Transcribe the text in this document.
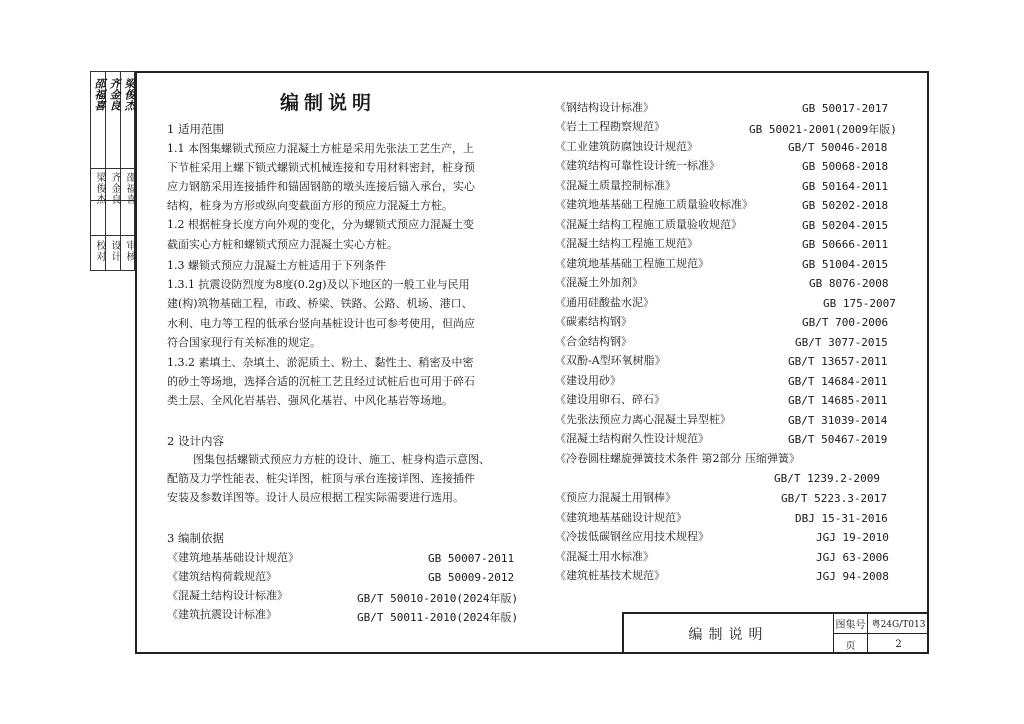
邵福喜 齐金良 梁俊杰
梁俊杰 齐金良 邵福喜
校对 设计 审核
编制说明
1 适用范围
1.1 本图集螺锁式预应力混凝土方桩是采用先张法工艺生产，上
下节桩采用上螺下锁式螺锁式机械连接和专用材料密封，桩身预
应力钢筋采用连接插件和锚固钢筋的墩头连接后锚入承台，实心
结构，桩身为方形或纵向变截面方形的预应力混凝土方桩。
1.2 根据桩身长度方向外观的变化，分为螺锁式预应力混凝土变
截面实心方桩和螺锁式预应力混凝土实心方桩。
1.3 螺锁式预应力混凝土方桩适用于下列条件
1.3.1 抗震设防烈度为8度(0.2g)及以下地区的一般工业与民用
建(构)筑物基础工程，市政、桥梁、铁路、公路、机场、港口、
水利、电力等工程的低承台竖向基桩设计也可参考使用，但尚应
符合国家现行有关标准的规定。
1.3.2 素填土、杂填土、淤泥质土、粉土、黏性土、稍密及中密
的砂土等场地，选择合适的沉桩工艺且经过试桩后也可用于碎石
类土层、全风化岩基岩、强风化基岩、中风化基岩等场地。
2 设计内容
图集包括螺锁式预应力方桩的设计、施工、桩身构造示意图、
配筋及力学性能表、桩尖详图，桩顶与承台连接详图、连接插件
安装及参数详图等。设计人员应根据工程实际需要进行选用。
3 编制依据
《建筑地基基础设计规范》	GB 50007-2011
《建筑结构荷载规范》	GB 50009-2012
《混凝土结构设计标准》	GB/T 50010-2010(2024年版)
《建筑抗震设计标准》	GB/T 50011-2010(2024年版)
《钢结构设计标准》	GB 50017-2017
《岩土工程勘察规范》	GB 50021-2001(2009年版)
《工业建筑防腐蚀设计规范》	GB/T 50046-2018
《建筑结构可靠性设计统一标准》	GB 50068-2018
《混凝土质量控制标准》	GB 50164-2011
《建筑地基基础工程施工质量验收标准》	GB 50202-2018
《混凝土结构工程施工质量验收规范》	GB 50204-2015
《混凝土结构工程施工规范》	GB 50666-2011
《建筑地基基础工程施工规范》	GB 51004-2015
《混凝土外加剂》	GB 8076-2008
《通用硅酸盐水泥》	GB 175-2007
《碳素结构钢》	GB/T 700-2006
《合金结构钢》	GB/T 3077-2015
《双酚-A型环氧树脂》	GB/T 13657-2011
《建设用砂》	GB/T 14684-2011
《建设用卵石、碎石》	GB/T 14685-2011
《先张法预应力离心混凝土异型桩》	GB/T 31039-2014
《混凝土结构耐久性设计规范》	GB/T 50467-2019
《冷卷圆柱螺旋弹簧技术条件 第2部分 压缩弹簧》
GB/T 1239.2-2009
《预应力混凝土用钢棒》	GB/T 5223.3-2017
《建筑地基基础设计规范》	DBJ 15-31-2016
《冷拔低碳钢丝应用技术规程》	JGJ 19-2010
《混凝土用水标准》	JGJ 63-2006
《建筑桩基技术规范》	JGJ 94-2008
编制说明
图集号 粤24G/T013
页	2
